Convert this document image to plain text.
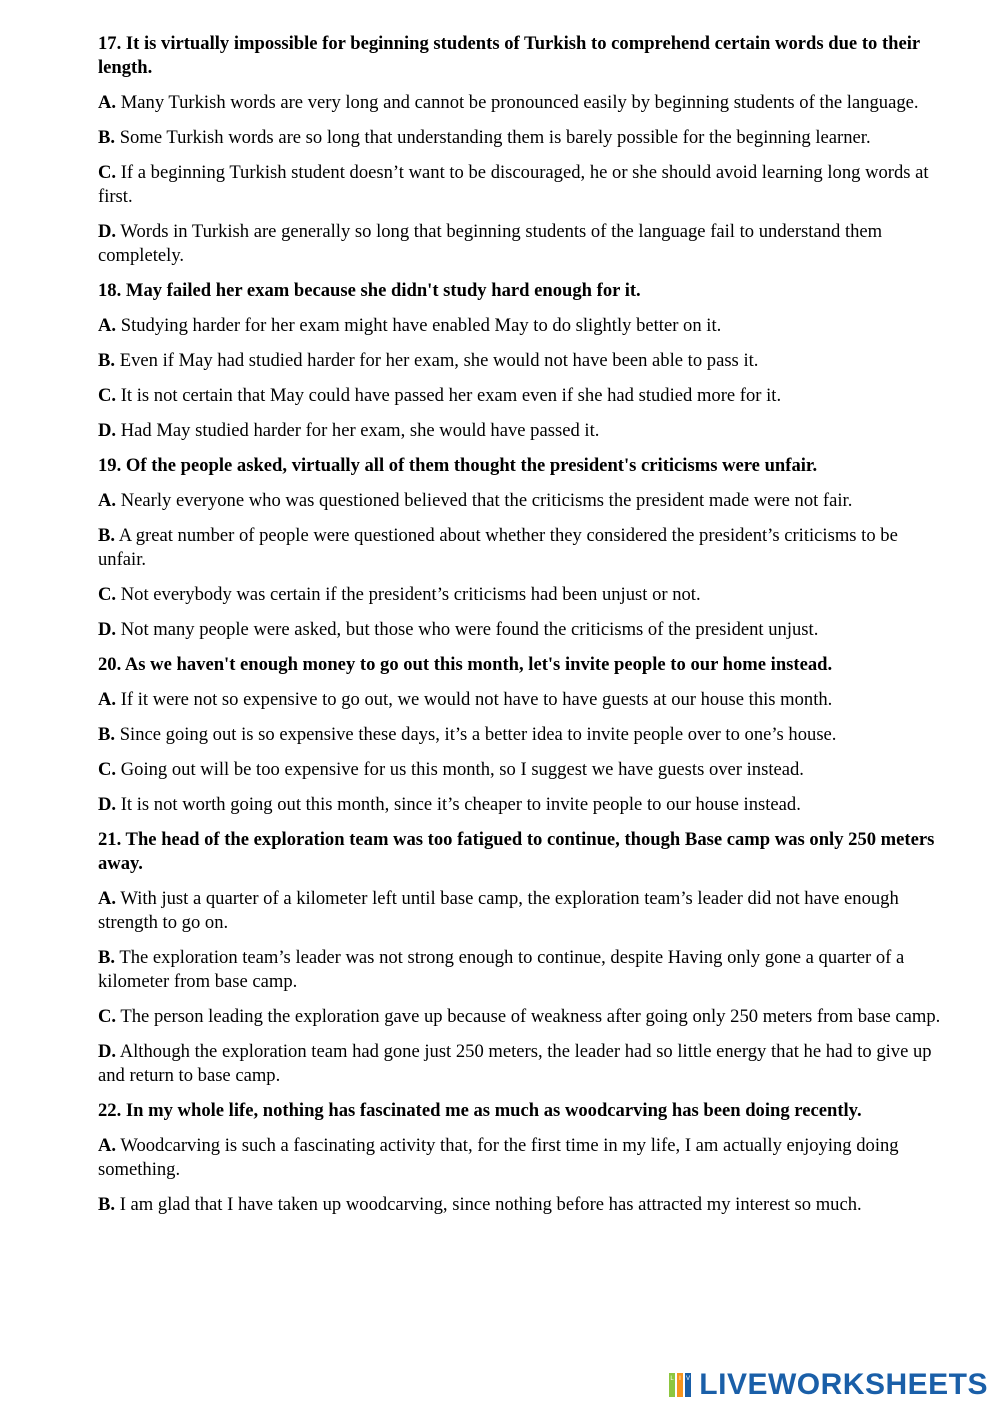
17. It is virtually impossible for beginning students of Turkish to comprehend certain words due to their length.
A. Many Turkish words are very long and cannot be pronounced easily by beginning students of the language.
B. Some Turkish words are so long that understanding them is barely possible for the beginning learner.
C. If a beginning Turkish student doesn’t want to be discouraged, he or she should avoid learning long words at first.
D. Words in Turkish are generally so long that beginning students of the language fail to understand them completely.
18. May failed her exam because she didn't study hard enough for it.
A. Studying harder for her exam might have enabled May to do slightly better on it.
B. Even if May had studied harder for her exam, she would not have been able to pass it.
C. It is not certain that May could have passed her exam even if she had studied more for it.
D. Had May studied harder for her exam, she would have passed it.
19. Of the people asked, virtually all of them thought the president's criticisms were unfair.
A. Nearly everyone who was questioned believed that the criticisms the president made were not fair.
B. A great number of people were questioned about whether they considered the president’s criticisms to be unfair.
C. Not everybody was certain if the president’s criticisms had been unjust or not.
D. Not many people were asked, but those who were found the criticisms of the president unjust.
20. As we haven't enough money to go out this month, let's invite people to our home instead.
A. If it were not so expensive to go out, we would not have to have guests at our house this month.
B. Since going out is so expensive these days, it’s a better idea to invite people over to one’s house.
C. Going out will be too expensive for us this month, so I suggest we have guests over instead.
D. It is not worth going out this month, since it’s cheaper to invite people to our house instead.
21. The head of the exploration team was too fatigued to continue, though Base camp was only 250 meters away.
A. With just a quarter of a kilometer left until base camp, the exploration team’s leader did not have enough strength to go on.
B. The exploration team’s leader was not strong enough to continue, despite Having only gone a quarter of a kilometer from base camp.
C. The person leading the exploration gave up because of weakness after going only 250 meters from base camp.
D. Although the exploration team had gone just 250 meters, the leader had so little energy that he had to give up and return to base camp.
22. In my whole life, nothing has fascinated me as much as woodcarving has been doing recently.
A. Woodcarving is such a fascinating activity that, for the first time in my life, I am actually enjoying doing something.
B. I am glad that I have taken up woodcarving, since nothing before has attracted my interest so much.
L I V LIVEWORKSHEETS
